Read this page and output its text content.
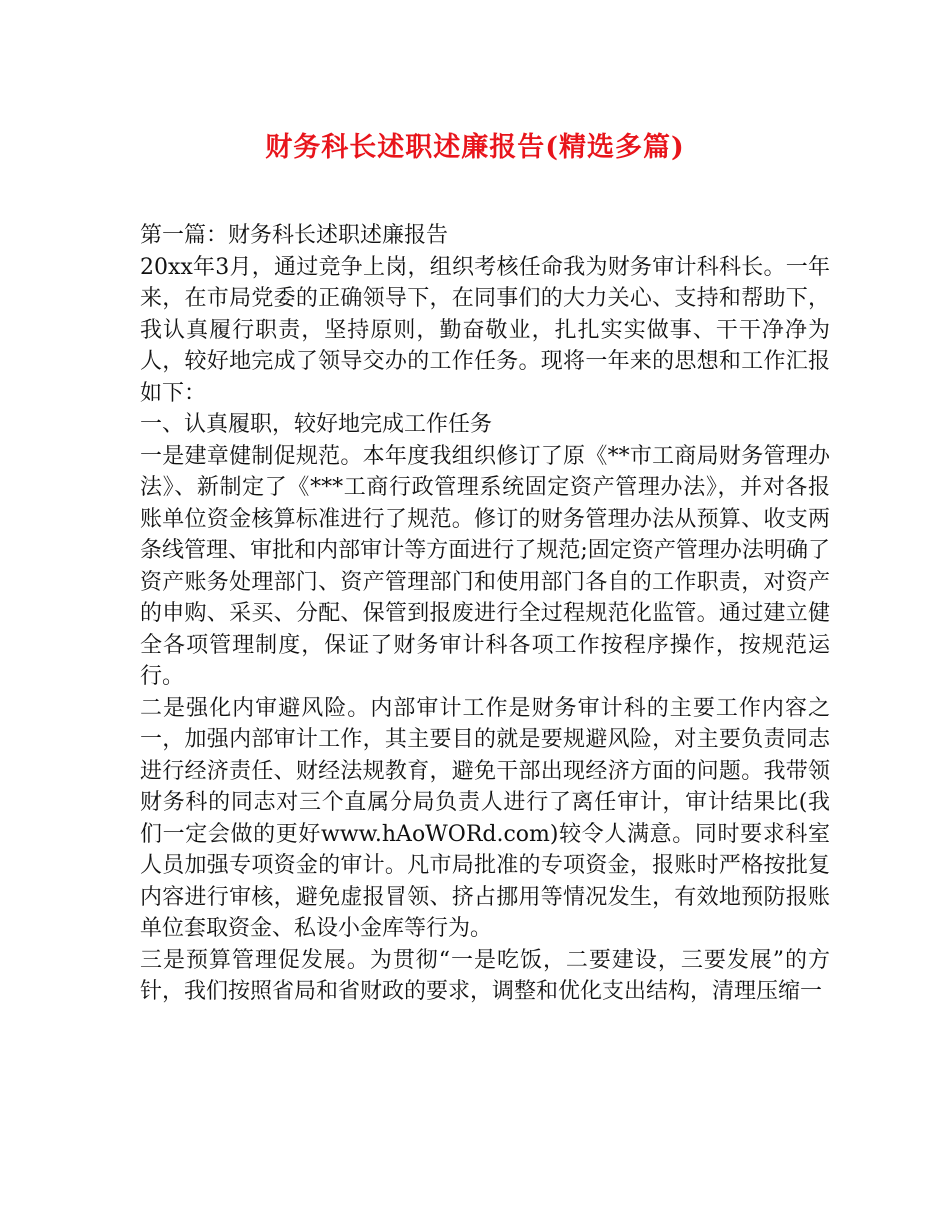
财务科长述职述廉报告(精选多篇)

第一篇：财务科长述职述廉报告

20xx年3月，通过竞争上岗，组织考核任命我为财务审计科科长。一年来，在市局党委的正确领导下，在同事们的大力关心、支持和帮助下，我认真履行职责，坚持原则，勤奋敬业，扎扎实实做事、干干净净为人，较好地完成了领导交办的工作任务。现将一年来的思想和工作汇报如下：

一、认真履职，较好地完成工作任务

一是建章健制促规范。本年度我组织修订了原《**市工商局财务管理办法》、新制定了《***工商行政管理系统固定资产管理办法》，并对各报账单位资金核算标准进行了规范。修订的财务管理办法从预算、收支两条线管理、审批和内部审计等方面进行了规范;固定资产管理办法明确了资产账务处理部门、资产管理部门和使用部门各自的工作职责，对资产的申购、采买、分配、保管到报废进行全过程规范化监管。通过建立健全各项管理制度，保证了财务审计科各项工作按程序操作，按规范运行。

二是强化内审避风险。内部审计工作是财务审计科的主要工作内容之一，加强内部审计工作，其主要目的就是要规避风险，对主要负责同志进行经济责任、财经法规教育，避免干部出现经济方面的问题。我带领财务科的同志对三个直属分局负责人进行了离任审计，审计结果比(我们一定会做的更好www.hAoWORd.com)较令人满意。同时要求科室人员加强专项资金的审计。凡市局批准的专项资金，报账时严格按批复内容进行审核，避免虚报冒领、挤占挪用等情况发生，有效地预防报账单位套取资金、私设小金库等行为。

三是预算管理促发展。为贯彻“一是吃饭，二要建设，三要发展”的方针，我们按照省局和省财政的要求，调整和优化支出结构，清理压缩一
